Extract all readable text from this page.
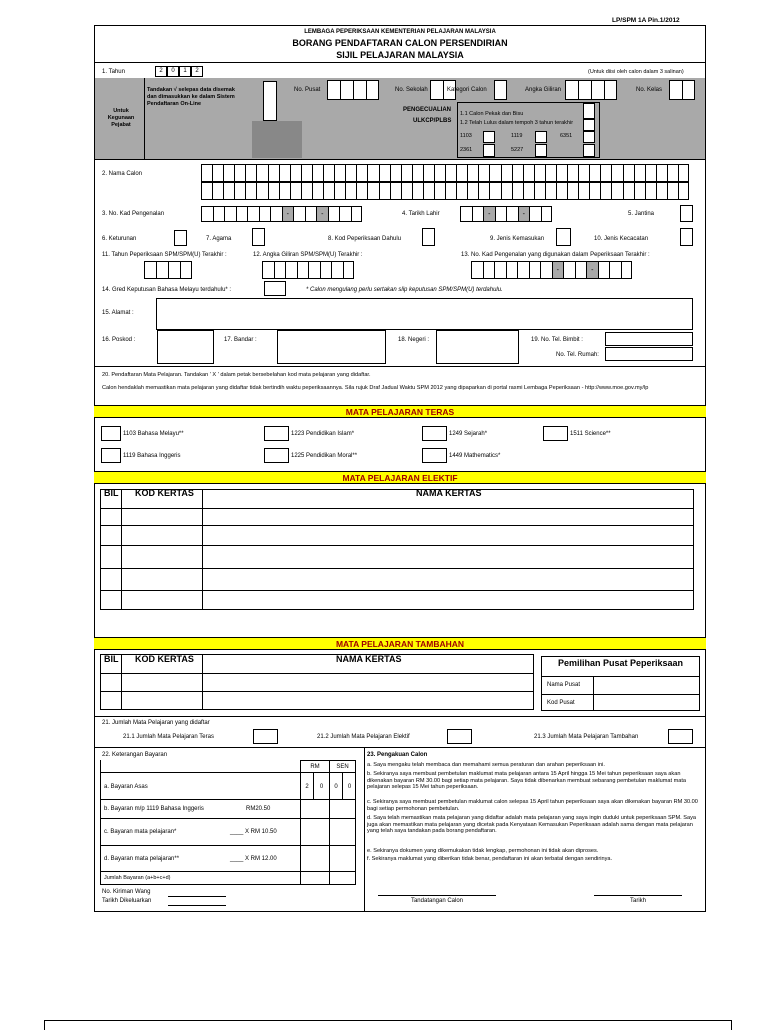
LP/SPM 1A Pin.1/2012
LEMBAGA PEPERIKSAAN KEMENTERIAN PELAJARAN MALAYSIA
BORANG PENDAFTARAN CALON PERSENDIRIAN
SIJIL PELAJARAN MALAYSIA
1. Tahun	2	0	1	2	(Untuk diisi oleh calon dalam 3 salinan)
Untuk Kegunaan Pejabat
Tandakan √ selepas data disemak
dan dimasukkan ke dalam Sistem
Pendaftaran On-Line
No. Pusat	No. Sekolah	Kategori Calon	Angka Giliran	No. Kelas
PENGECUALIAN
ULKCP/PLBS
1.1 Calon Pekak dan Bisu
1.2 Telah Lulus dalam tempoh 3 tahun terakhir
1103	1119	6351
2361	5227
2. Nama Calon
3. No. Kad Pengenalan	-	-	4. Tarikh Lahir	-	-	5. Jantina
6. Keturunan	7. Agama	8. Kod Peperiksaan Dahulu	9. Jenis Kemasukan	10. Jenis Kecacatan
11. Tahun Peperiksaan SPM/SPM(U) Terakhir :	12. Angka Giliran SPM/SPM(U) Terakhir :	13. No. Kad Pengenalan yang digunakan dalam Peperiksaan Terakhir :
-	-
14. Gred Keputusan Bahasa Melayu terdahulu* :	* Calon mengulang perlu sertakan slip keputusan SPM/SPM(U) terdahulu.
15. Alamat :
16. Poskod :	17. Bandar :	18. Negeri :	19. No. Tel. Bimbit :
No. Tel. Rumah:
20. Pendaftaran Mata Pelajaran. Tandakan ' X ' dalam petak bersebelahan kod mata pelajaran yang didaftar.
Calon hendaklah memastikan mata pelajaran yang didaftar tidak bertindih waktu peperiksaannya. Sila rujuk Draf Jadual Waktu SPM 2012 yang dipaparkan di portal rasmi Lembaga Peperiksaan - http://www.moe.gov.my/lp
MATA PELAJARAN TERAS
1103 Bahasa Melayu**	1223 Pendidikan Islam*	1249 Sejarah*	1511 Science**
1119 Bahasa Inggeris	1225 Pendidikan Moral**	1449 Mathematics*
MATA PELAJARAN ELEKTIF
BIL KOD KERTAS	NAMA KERTAS
MATA PELAJARAN TAMBAHAN
BIL KOD KERTAS	NAMA KERTAS	Pemilihan Pusat Peperiksaan
Nama Pusat
Kod Pusat
21. Jumlah Mata Pelajaran yang didaftar
21.1 Jumlah Mata Pelajaran Teras	21.2 Jumlah Mata Pelajaran Elektif	21.3 Jumlah Mata Pelajaran Tambahan
22. Keterangan Bayaran
RM	SEN
a. Bayaran Asas	2	0	0	0
b. Bayaran m/p 1119 Bahasa Inggeris	RM20.50
c. Bayaran mata pelajaran*	____ X RM 10.50
d. Bayaran mata pelajaran**	____ X RM 12.00
Jumlah Bayaran (a+b+c+d)
No. Kiriman Wang
Tarikh Dikeluarkan
23. Pengakuan Calon
a. Saya mengaku telah membaca dan memahami semua peraturan dan arahan peperiksaan ini.
b. Sekiranya saya membuat pembetulan maklumat mata pelajaran antara 15 April hingga 15 Mei tahun peperiksaan saya akan dikenakan bayaran RM 30.00 bagi setiap mata pelajaran. Saya tidak dibenarkan membuat sebarang pembetulan maklumat mata pelajaran selepas 15 Mei tahun peperiksaan.
c. Sekiranya saya membuat pembetulan maklumat calon selepas 15 April tahun peperiksaan saya akan dikenakan bayaran RM 30.00 bagi setiap permohonan pembetulan.
d. Saya telah memastikan mata pelajaran yang didaftar adalah mata pelajaran yang saya ingin duduki untuk peperiksaan SPM. Saya juga akan memastikan mata pelajaran yang dicetak pada Kenyataan Kemasukan Peperiksaan adalah sama dengan mata pelajaran yang telah saya tandakan pada borang pendaftaran.
e. Sekiranya dokumen yang dikemukakan tidak lengkap, permohonan ini tidak akan diproses.
f. Sekiranya maklumat yang diberikan tidak benar, pendaftaran ini akan terbatal dengan sendirinya.
Tandatangan Calon	Tarikh
